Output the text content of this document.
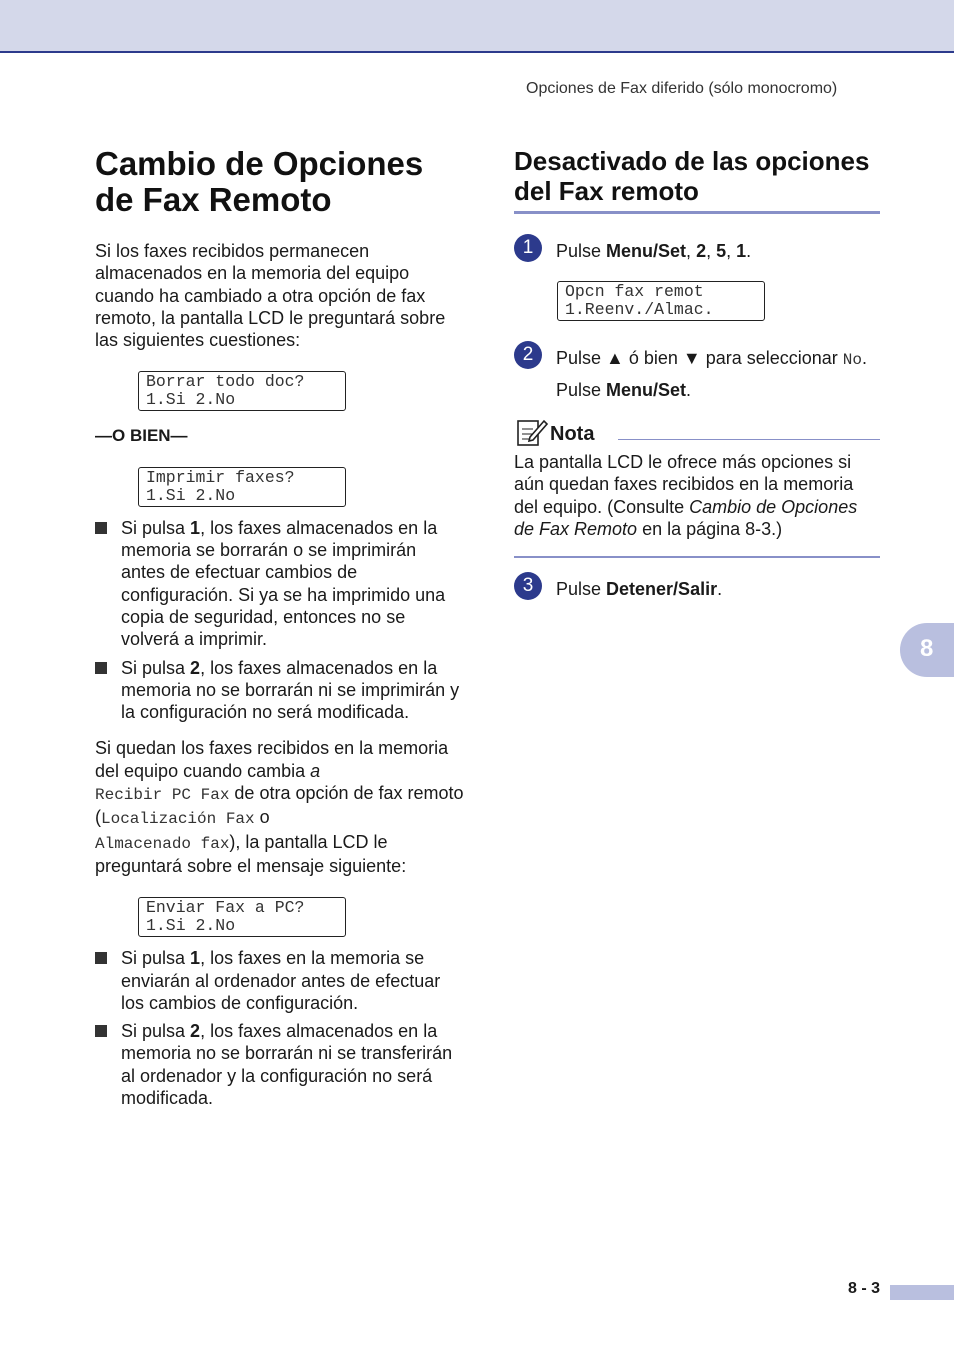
Opciones de Fax diferido (sólo monocromo)
8
Cambio de Opciones
de Fax Remoto

Si los faxes recibidos permanecen almacenados en la memoria del equipo cuando ha cambiado a otra opción de fax remoto, la pantalla LCD le preguntará sobre las siguientes cuestiones:

Borrar todo doc?
1.Si 2.No

—O BIEN—

Imprimir faxes?
1.Si 2.No
Si pulsa 1, los faxes almacenados en la memoria se borrarán o se imprimirán antes de efectuar cambios de configuración. Si ya se ha imprimido una copia de seguridad, entonces no se volverá a imprimir.
Si pulsa 2, los faxes almacenados en la memoria no se borrarán ni se imprimirán y la configuración no será modificada.

Si quedan los faxes recibidos en la memoria del equipo cuando cambia a
Recibir PC Fax de otra opción de fax remoto (Localización Fax o
Almacenado fax), la pantalla LCD le preguntará sobre el mensaje siguiente:

Enviar Fax a PC?
1.Si 2.No
Si pulsa 1, los faxes en la memoria se enviarán al ordenador antes de efectuar los cambios de configuración.
Si pulsa 2, los faxes almacenados en la memoria no se borrarán ni se transferirán al ordenador y la configuración no será modificada.
Desactivado de las opciones
del Fax remoto
1	Pulse Menu/Set, 2, 5, 1.
Opcn fax remot
1.Reenv./Almac.
2	Pulse ▲ ó bien ▼ para seleccionar No.
Pulse Menu/Set.
Nota

La pantalla LCD le ofrece más opciones si aún quedan faxes recibidos en la memoria del equipo. (Consulte Cambio de Opciones de Fax Remoto en la página 8-3.)

3	Pulse Detener/Salir.
8 - 3
